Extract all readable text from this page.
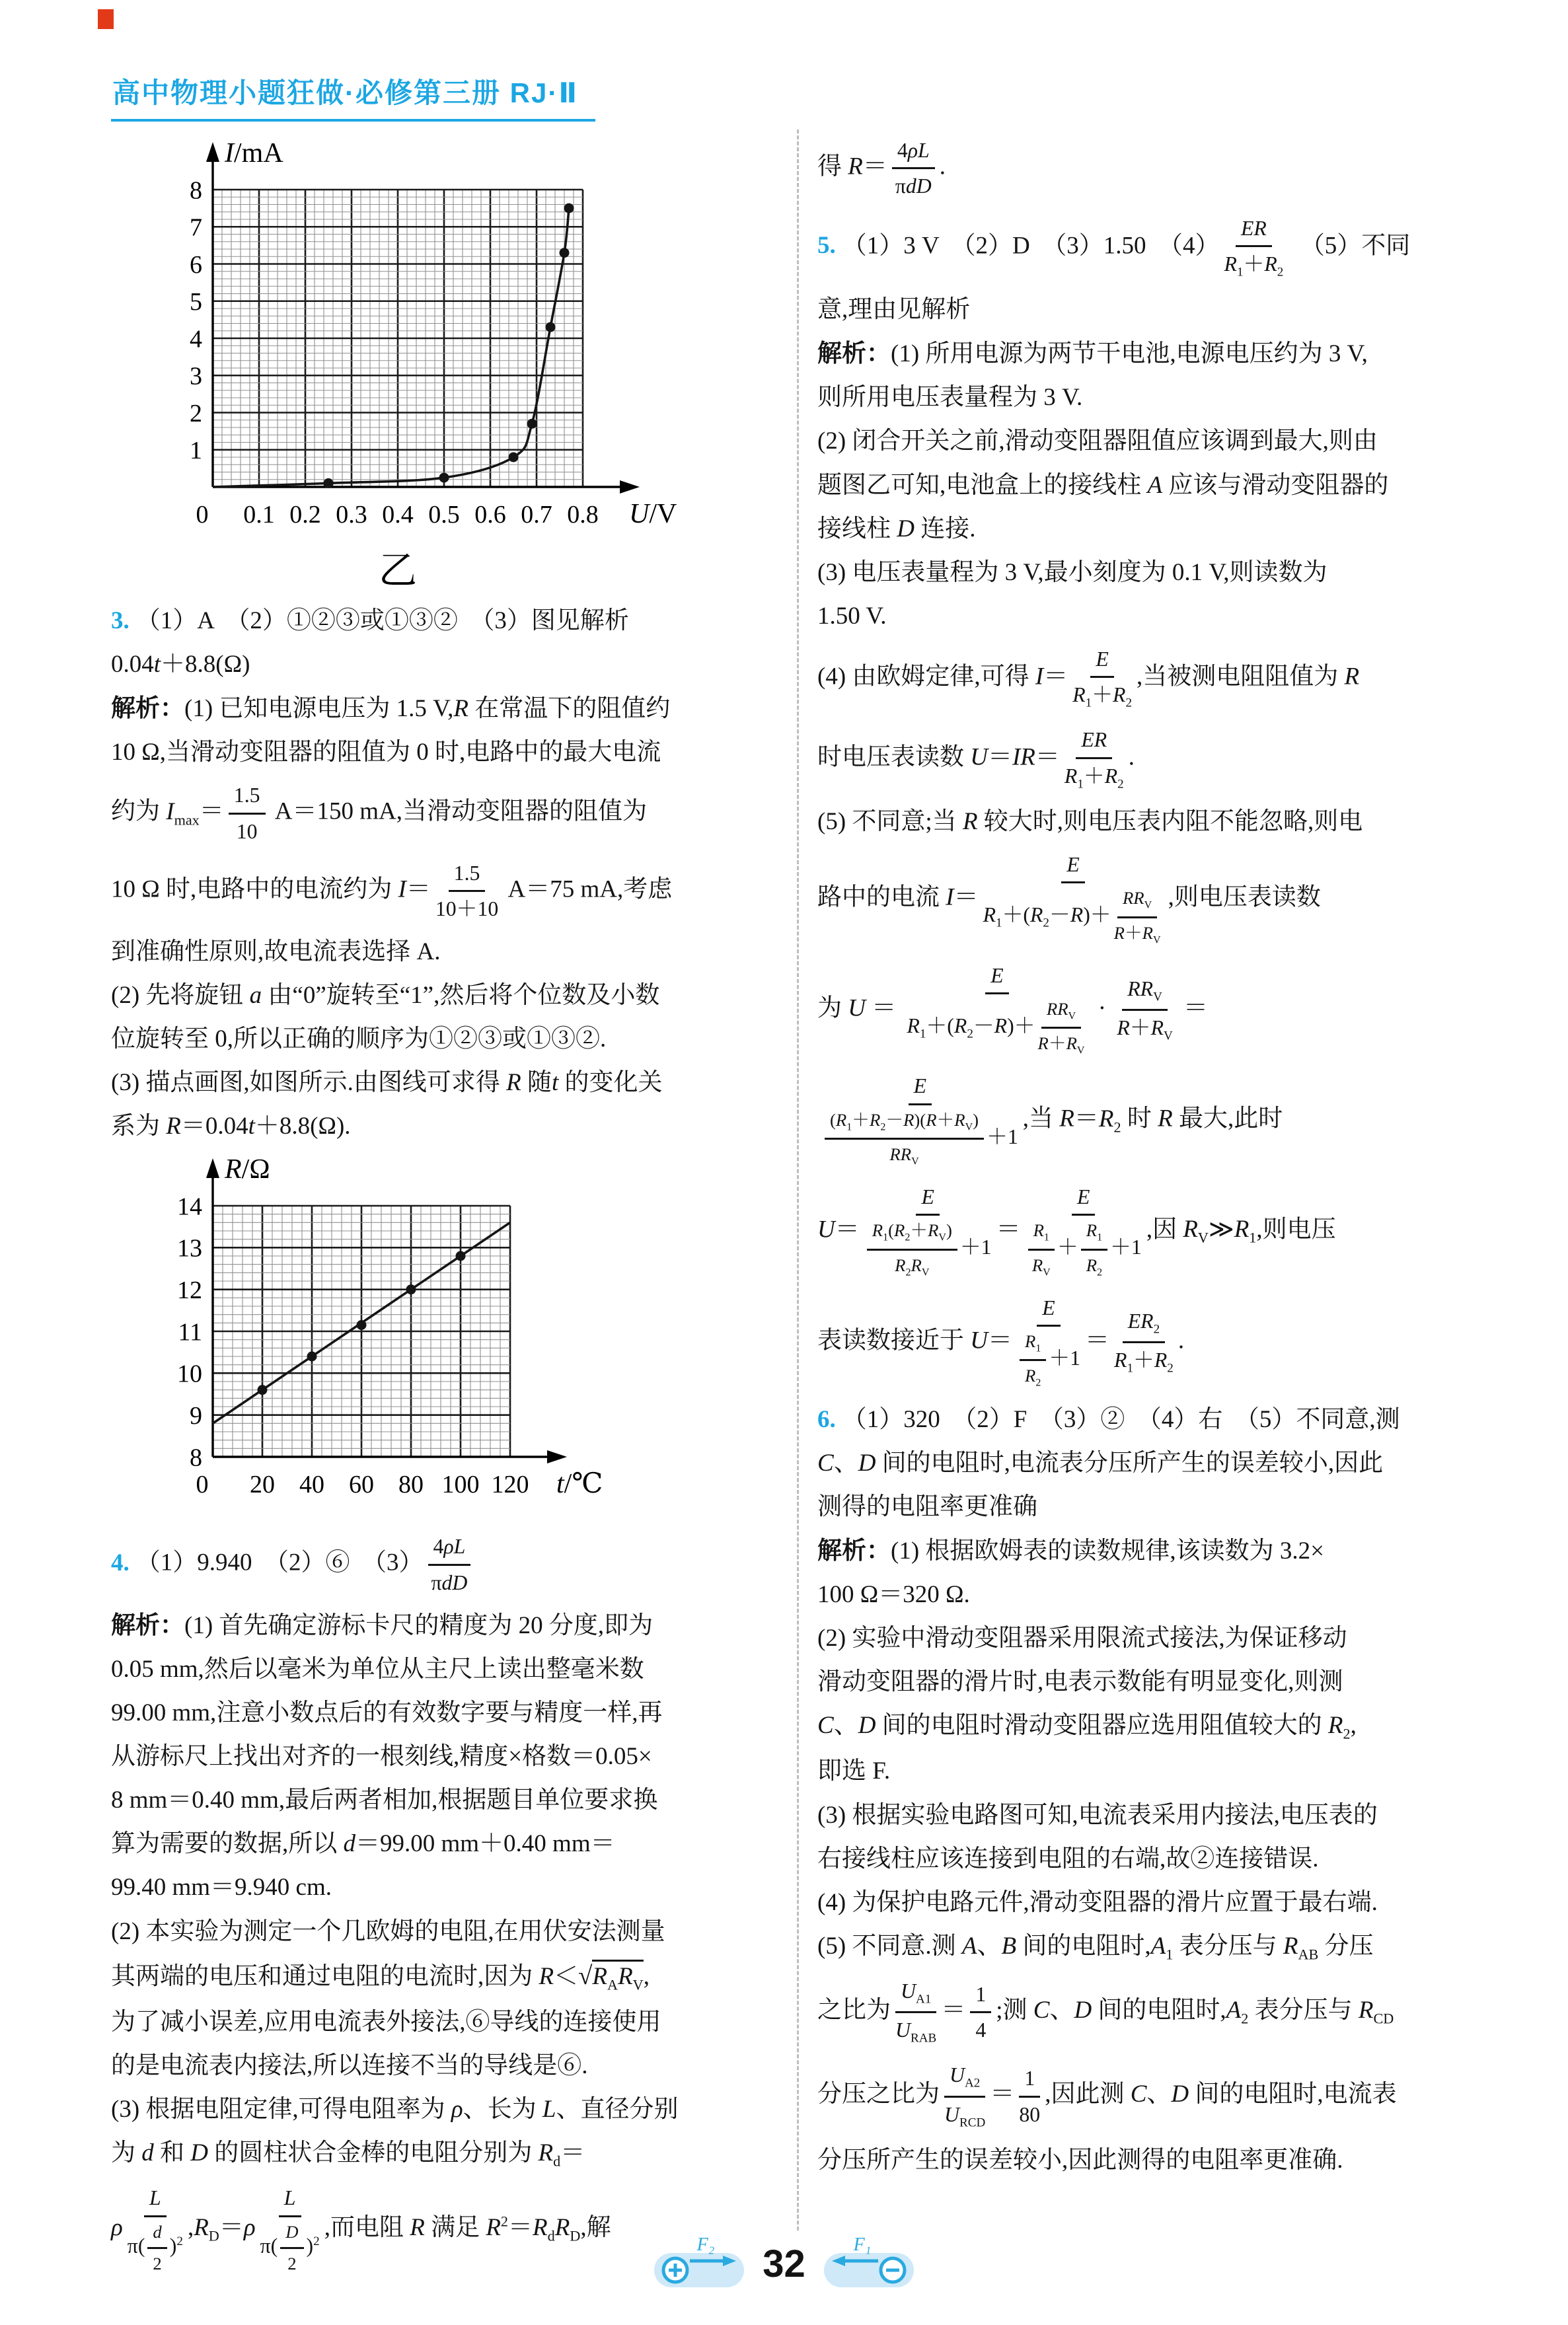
高中物理小题狂做·必修第三册 RJ·Ⅱ
0 0.1 0.2 0.3 0.4 0.5 0.6 0.7 0.8
1
2
3
4
5
6
7
8
I/mA
U/V
乙
3. （1）A  （2）①②③或①③②  （3）图见解析
0.04t＋8.8(Ω)
解析：(1) 已知电源电压为 1.5 V,R 在常温下的阻值约
10 Ω,当滑动变阻器的阻值为 0 时,电路中的最大电流
约为 $I_{max}= \frac{1.5}{10} A=150$ mA,当滑动变阻器的阻值为
10 Ω 时,电路中的电流约为 $I= \frac{1.5}{10+10} A=75$ mA,考虑
到准确性原则,故电流表选择 A.
(2) 先将旋钮 a 由“0”旋转至“1”,然后将个位数及小数
位旋转至 0,所以正确的顺序为①②③或①③②.
(3) 描点画图,如图所示.由图线可求得 R 随t 的变化关
系为 R＝0.04t＋8.8(Ω).
0 20 40 60 80 100 120
8
9
10
11
12
13
14
R/Ω
t/℃
4. （1）9.940  （2）⑥  $(3) \frac{4\rho L}{\text{πdD}}$
解析：(1) 首先确定游标卡尺的精度为 20 分度,即为
0.05 mm,然后以毫米为单位从主尺上读出整毫米数
99.00 mm,注意小数点后的有效数字要与精度一样,再
从游标尺上找出对齐的一根刻线,精度×格数＝0.05×
8 mm＝0.40 mm,最后两者相加,根据题目单位要求换
算为需要的数据,所以 d＝99.00 mm＋0.40 mm＝
99.40 mm＝9.940 cm.
(2) 本实验为测定一个几欧姆的电阻,在用伏安法测量
其两端的电压和通过电阻的电流时,因为 $R<√R_AR_V$,
为了减小误差,应用电流表外接法,⑥导线的连接使用
的是电流表内接法,所以连接不当的导线是⑥.
(3) 根据电阻定律,可得电阻率为 ρ、长为 L、直径分别
为 d 和 D 的圆柱状合金棒的电阻分别为 $R_d=$
ρ $\frac{L}{\pi( \frac{d}{2} )^2} ,R_D=\rho \frac{L}{\pi( \frac{D}{2} )^2}$ ,而电阻 R 满足 $R^2=R_dR_D$,解
得 $R= \frac{4\rho L}{\text{πdD}}$ .
5. （1）3 V  （2）D  （3）1.50  $(4) \frac{ER}{R_1+R_2} (5)$不同
意,理由见解析
解析：(1) 所用电源为两节干电池,电源电压约为 3 V,
则所用电压表量程为 3 V.
(2) 闭合开关之前,滑动变阻器阻值应该调到最大,则由
题图乙可知,电池盒上的接线柱 A 应该与滑动变阻器的
接线柱 D 连接.
(3) 电压表量程为 3 V,最小刻度为 0.1 V,则读数为
1.50 V.
(4) 由欧姆定律,可得 $I= \frac{E}{R_1+R_2}$ ,当被测电阻阻值为 R
时电压表读数 $U=IR= \frac{ER}{R_1+R_2}$ .
(5) 不同意;当 R 较大时,则电压表内阻不能忽略,则电
路中的电流 $I= \frac{E}{R_1+(R_2-R)+ \frac{RR_V}{R+R_V}}$ ,则电压表读数
为 $U = \frac{E}{R_1+(R_2-R)+ \frac{RR_V}{R+R_V}} \cdot \frac{RR_V}{R+R_V}$ ＝
$\frac{E}{\frac{(R_1+R_2-R)(R+R_V)}{RR_V} +1}$ ,当 $R=R_2$ 时 R 最大,此时
$U= \frac{E}{\frac{R_1(R_2+R_V)}{R_2R_V} +1} = \frac{E}{\frac{R_1}{R_V} + \frac{R_1}{R_2} +1}$ ,因 $R_V≫R_1$,则电压
表读数接近于 $U= \frac{E}{\frac{R_1}{R_2} +1} = \frac{ER_2}{R_1+R_2}$ .
6. （1）320  （2）F  （3）②  （4）右  （5）不同意,测
C、D 间的电阻时,电流表分压所产生的误差较小,因此
测得的电阻率更准确
解析：(1) 根据欧姆表的读数规律,该读数为 3.2×
100 Ω＝320 Ω.
(2) 实验中滑动变阻器采用限流式接法,为保证移动
滑动变阻器的滑片时,电表示数能有明显变化,则测
C、D 间的电阻时滑动变阻器应选用阻值较大的 $R_2$,
即选 F.
(3) 根据实验电路图可知,电流表采用内接法,电压表的
右接线柱应该连接到电阻的右端,故②连接错误.
(4) 为保护电路元件,滑动变阻器的滑片应置于最右端.
(5) 不同意.测 A、B 间的电阻时$,A_1$ 表分压与 $R_{AB}$ 分压
之比为 $\frac{U_{A1}}{U_{RAB}} = \frac{1}{4}$ ;测 C、D 间的电阻时$,A_2$ 表分压与 $R_{CD}$
分压之比为 $\frac{U_{A2}}{U_{RCD}} = \frac{1}{80}$ ,因此测 C、D 间的电阻时,电流表
分压所产生的误差较小,因此测得的电阻率更准确.
F₂ 32	F₁
